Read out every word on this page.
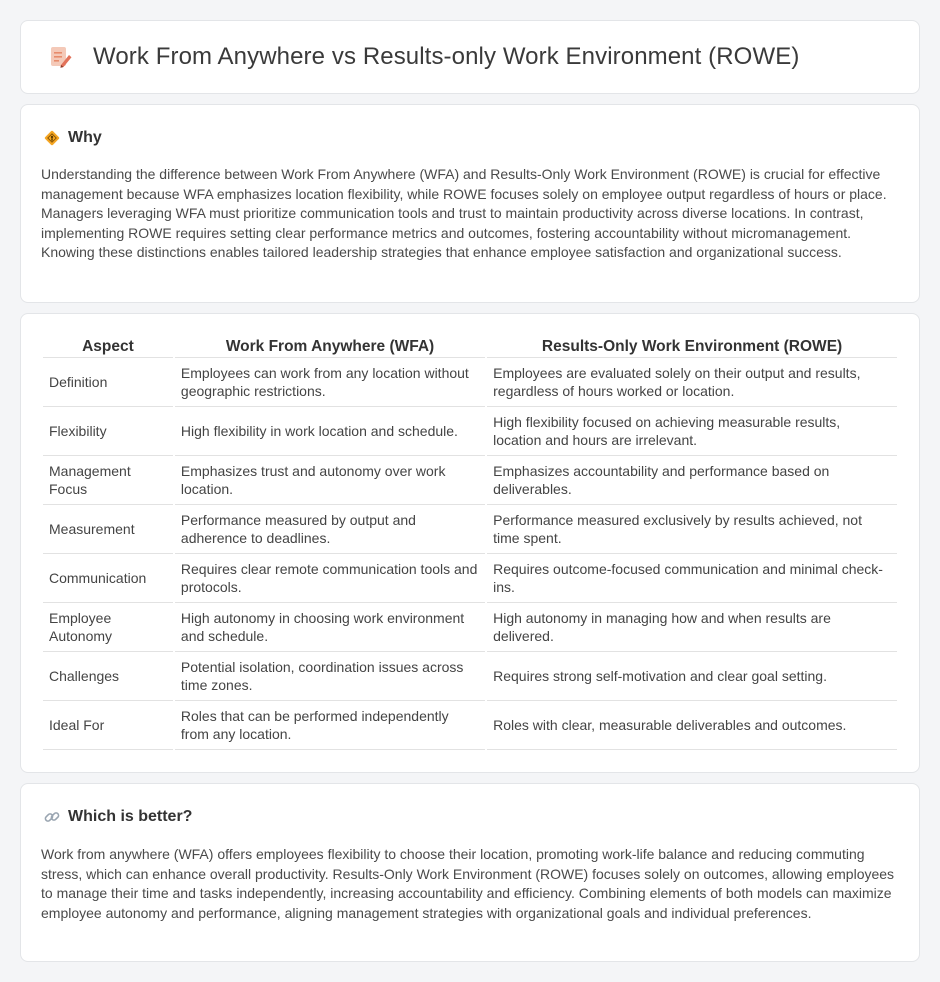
Work From Anywhere vs Results-only Work Environment (ROWE)
Why

Understanding the difference between Work From Anywhere (WFA) and Results-Only Work Environment (ROWE) is crucial for effective management because WFA emphasizes location flexibility, while ROWE focuses solely on employee output regardless of hours or place. Managers leveraging WFA must prioritize communication tools and trust to maintain productivity across diverse locations. In contrast, implementing ROWE requires setting clear performance metrics and outcomes, fostering accountability without micromanagement. Knowing these distinctions enables tailored leadership strategies that enhance employee satisfaction and organizational success.

Aspect	Work From Anywhere (WFA)	Results-Only Work Environment (ROWE)
Definition	Employees can work from any location without geographic restrictions.	Employees are evaluated solely on their output and results, regardless of hours worked or location.
Flexibility	High flexibility in work location and schedule.	High flexibility focused on achieving measurable results, location and hours are irrelevant.
Management Focus	Emphasizes trust and autonomy over work location.	Emphasizes accountability and performance based on deliverables.
Measurement	Performance measured by output and adherence to deadlines.	Performance measured exclusively by results achieved, not time spent.
Communication	Requires clear remote communication tools and protocols.	Requires outcome-focused communication and minimal check-ins.
Employee Autonomy	High autonomy in choosing work environment and schedule.	High autonomy in managing how and when results are delivered.
Challenges	Potential isolation, coordination issues across time zones.	Requires strong self-motivation and clear goal setting.
Ideal For	Roles that can be performed independently from any location.	Roles with clear, measurable deliverables and outcomes.
Which is better?

Work from anywhere (WFA) offers employees flexibility to choose their location, promoting work-life balance and reducing commuting stress, which can enhance overall productivity. Results-Only Work Environment (ROWE) focuses solely on outcomes, allowing employees to manage their time and tasks independently, increasing accountability and efficiency. Combining elements of both models can maximize employee autonomy and performance, aligning management strategies with organizational goals and individual preferences.
